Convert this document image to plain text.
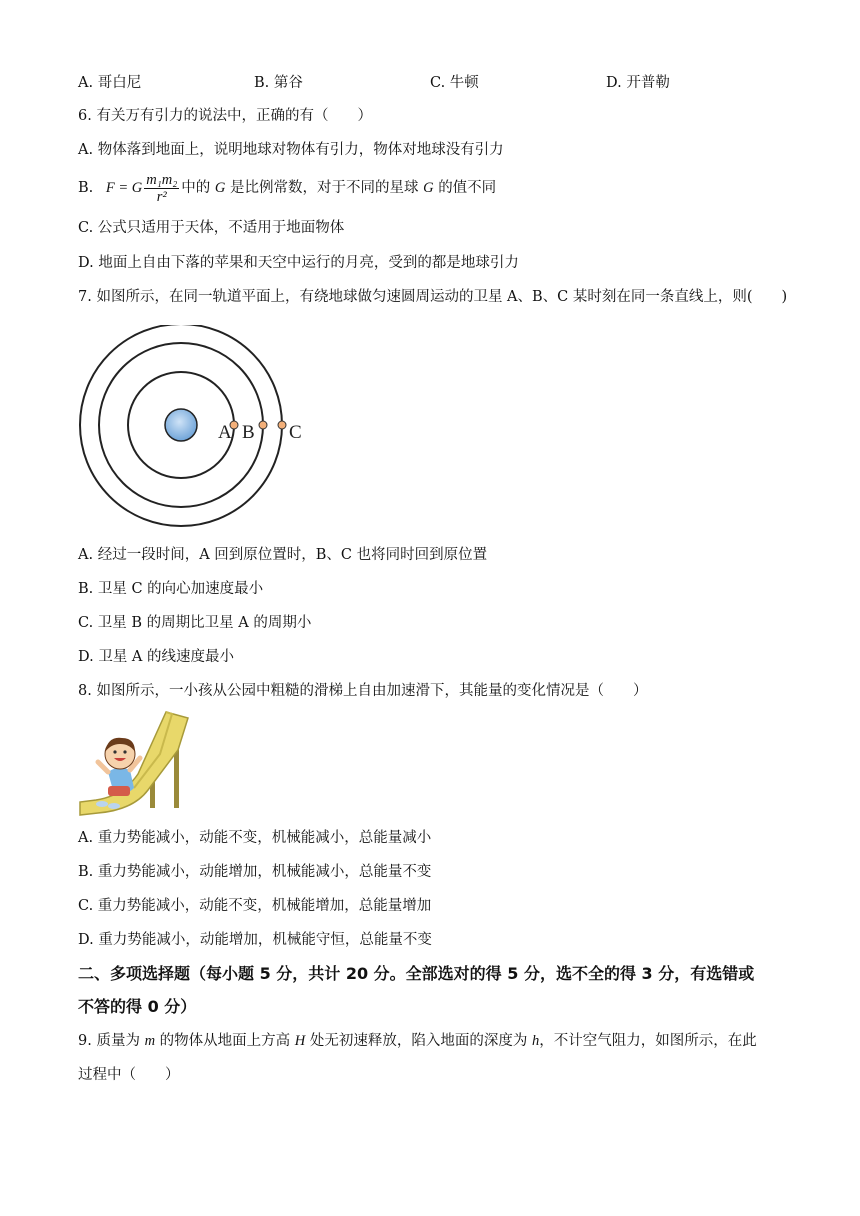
A. 哥白尼	B. 第谷	C. 牛顿	D. 开普勒
6. 有关万有引力的说法中，正确的有（　　）
A. 物体落到地面上，说明地球对物体有引力，物体对地球没有引力
B. F = G $\frac{\text{m₁m₂}}{\text{r²}}$ 中的 G 是比例常数，对于不同的星球 G 的值不同
C. 公式只适用于天体，不适用于地面物体
D. 地面上自由下落的苹果和天空中运行的月亮，受到的都是地球引力
7. 如图所示，在同一轨道平面上，有绕地球做匀速圆周运动的卫星 A、B、C 某时刻在同一条直线上，则(　　)
A B C
A. 经过一段时间，A 回到原位置时，B、C 也将同时回到原位置
B. 卫星 C 的向心加速度最小
C. 卫星 B 的周期比卫星 A 的周期小
D. 卫星 A 的线速度最小
8. 如图所示，一小孩从公园中粗糙的滑梯上自由加速滑下，其能量的变化情况是（　　）
A. 重力势能减小，动能不变，机械能减小，总能量减小
B. 重力势能减小，动能增加，机械能减小，总能量不变
C. 重力势能减小，动能不变，机械能增加，总能量增加
D. 重力势能减小，动能增加，机械能守恒，总能量不变
二、多项选择题（每小题 5 分，共计 20 分。全部选对的得 5 分，选不全的得 3 分，有选错或
不答的得 0 分）
9. 质量为 m 的物体从地面上方高 H 处无初速释放，陷入地面的深度为 h，不计空气阻力，如图所示，在此
过程中（　　）
